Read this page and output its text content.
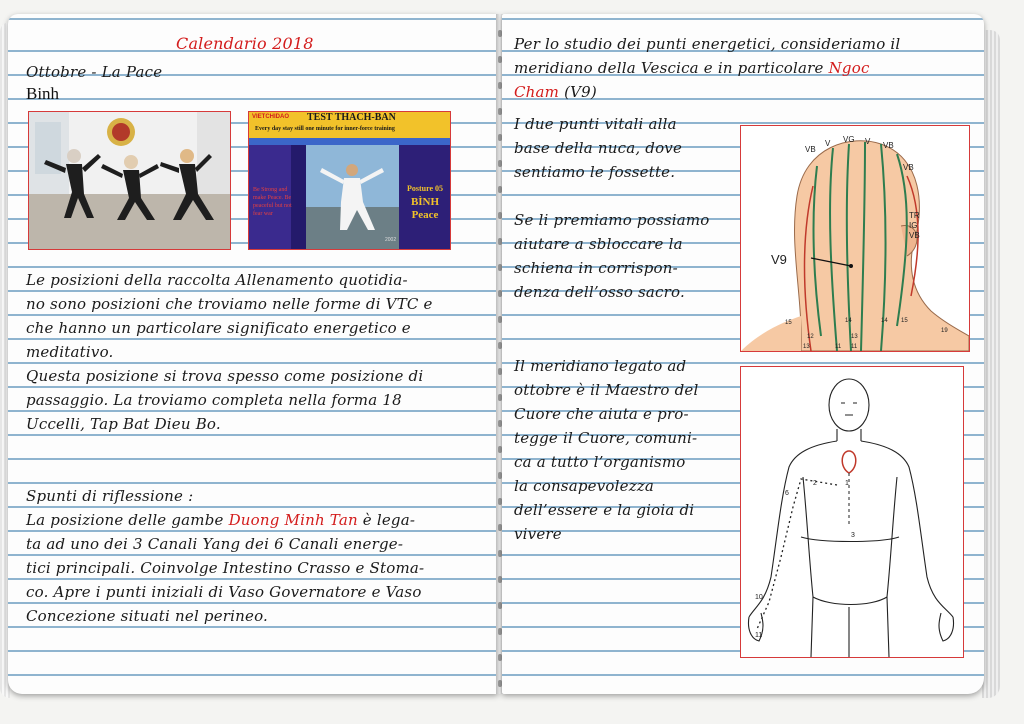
Calendario 2018
Ottobre - La Pace
Binh
VIETCHIDAO TEST THACH-BAN
Every day stay still one minute for inner-force training
Be Strong and make Peace. Be peaceful but not fear war
Posture 05
BÌNH
Peace
2002
Le posizioni della raccolta Allenamento quotidia-
no sono posizioni che troviamo nelle forme di VTC e
che hanno un particolare significato energetico e
meditativo.
Questa posizione si trova spesso come posizione di
passaggio. La troviamo completa nella forma 18
Uccelli, Tap Bat Dieu Bo.
Spunti di riflessione :
La posizione delle gambe Duong Minh Tan è lega-
ta ad uno dei 3 Canali Yang dei 6 Canali energe-
tici principali. Coinvolge Intestino Crasso e Stoma-
co. Apre i punti iniziali di Vaso Governatore e Vaso
Concezione situati nel perineo.
Per lo studio dei punti energetici, consideriamo il
meridiano della Vescica e in particolare Ngoc
Cham (V9)
I due punti vitali alla
base della nuca, dove
sentiamo le fossette.
Se li premiamo possiamo
aiutare a sbloccare la
schiena in corrispon-
denza dell’osso sacro.
Il meridiano legato ad
ottobre è il Maestro del
Cuore che aiuta e pro-
tegge il Cuore, comuni-
ca a tutto l’organismo
la consapevolezza
dell’essere e la gioia di
vivere
VB
V VG V VB
VB
TR
IG
VB
V9
15	14
11
13
14 15
19
12
11
13
1
2
3
10
11
6
